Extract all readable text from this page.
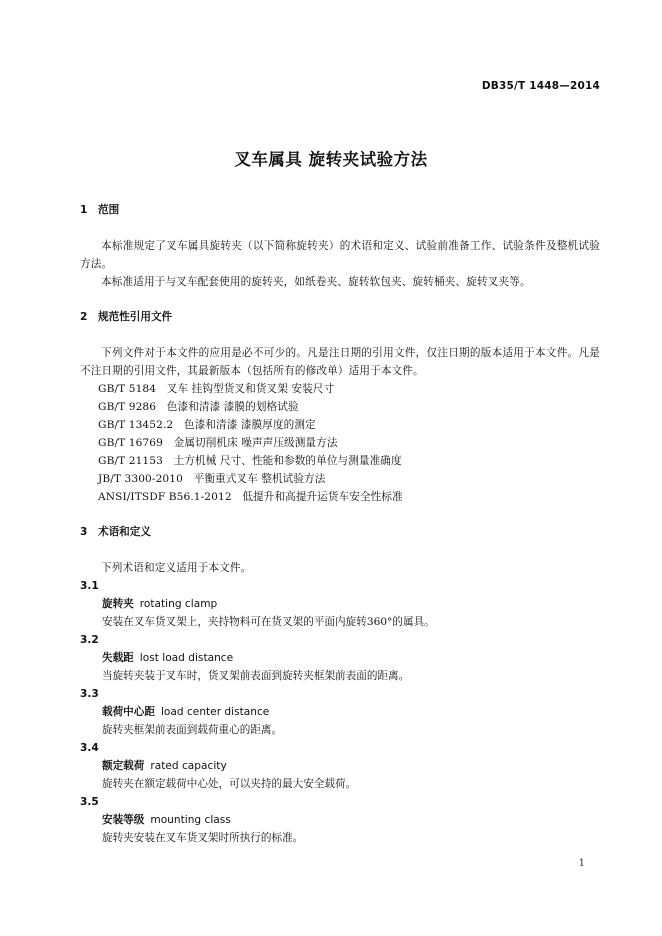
DB35/T 1448—2014
叉车属具 旋转夹试验方法

1 范围

本标准规定了叉车属具旋转夹（以下简称旋转夹）的术语和定义、试验前准备工作、试验条件及整机试验方法。

本标准适用于与叉车配套使用的旋转夹，如纸卷夹、旋转软包夹、旋转桶夹、旋转叉夹等。

2 规范性引用文件

下列文件对于本文件的应用是必不可少的。凡是注日期的引用文件，仅注日期的版本适用于本文件。凡是不注日期的引用文件，其最新版本（包括所有的修改单）适用于本文件。

GB/T 5184　叉车 挂钩型货叉和货叉架 安装尺寸

GB/T 9286　色漆和清漆 漆膜的划格试验

GB/T 13452.2　色漆和清漆 漆膜厚度的测定

GB/T 16769　金属切削机床 噪声声压级测量方法

GB/T 21153　土方机械 尺寸、性能和参数的单位与测量准确度

JB/T 3300-2010　平衡重式叉车 整机试验方法

ANSI/ITSDF B56.1-2012　低提升和高提升运货车安全性标准

3 术语和定义

下列术语和定义适用于本文件。

3.1

旋转夹 rotating clamp

安装在叉车货叉架上，夹持物料可在货叉架的平面内旋转360°的属具。

3.2

失载距 lost load distance

当旋转夹装于叉车时，货叉架前表面到旋转夹框架前表面的距离。

3.3

载荷中心距 load center distance

旋转夹框架前表面到载荷重心的距离。

3.4

额定载荷 rated capacity

旋转夹在额定载荷中心处，可以夹持的最大安全载荷。

3.5

安装等级 mounting class

旋转夹安装在叉车货叉架时所执行的标准。

1
